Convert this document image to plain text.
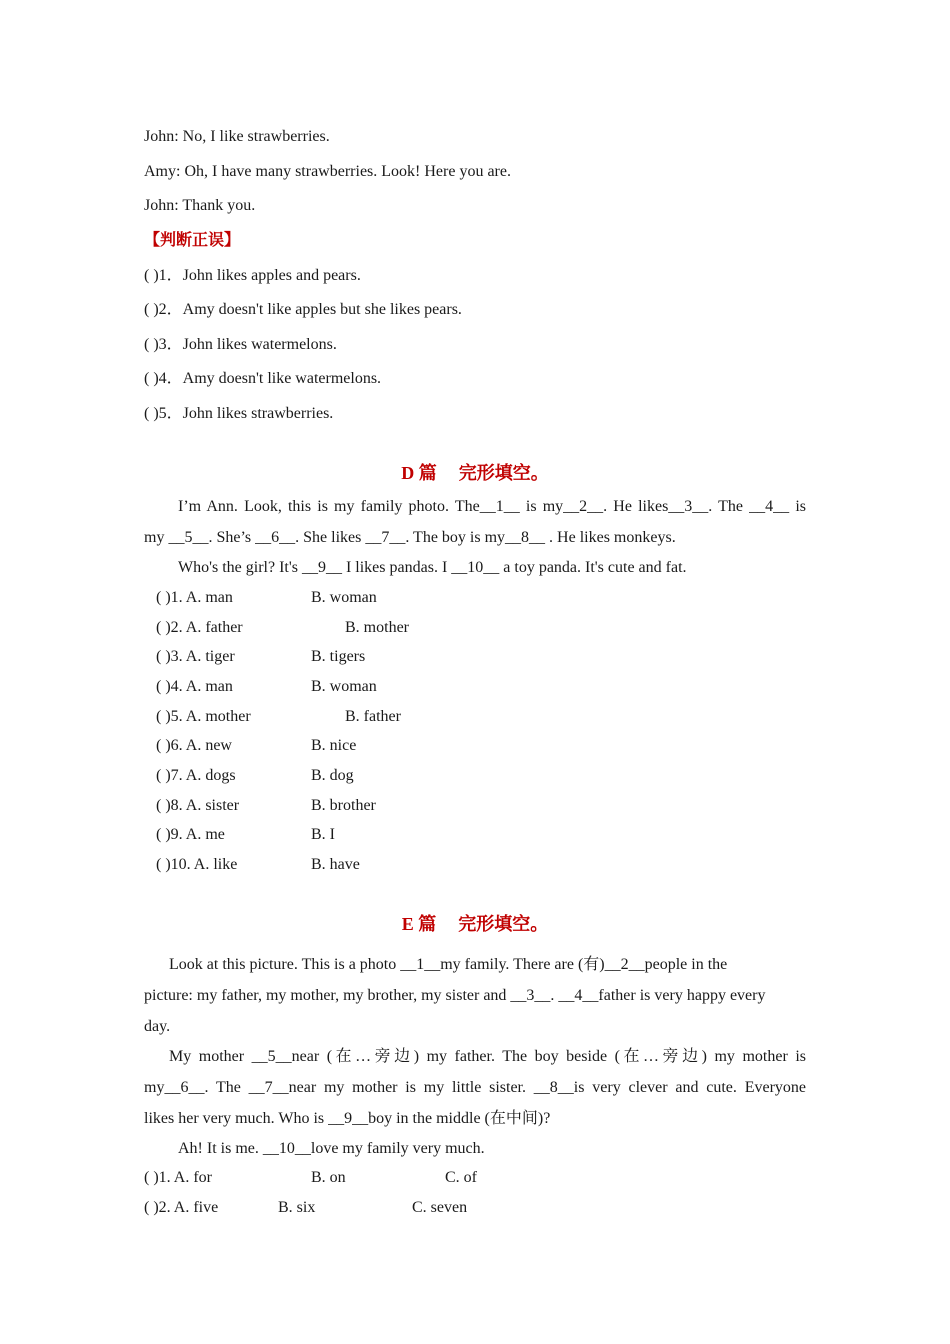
John: No, I like strawberries.
Amy: Oh, I have many strawberries. Look! Here you are.
John: Thank you.
【判断正误】
( )1．John likes apples and pears.
( )2．Amy doesn't like apples but she likes pears.
( )3．John likes watermelons.
( )4．Amy doesn't like watermelons.
( )5．John likes strawberries.
D 篇 完形填空。
I’m Ann. Look, this is my family photo. The__1__ is my__2__. He likes__3__. The __4__ is
my __5__. She’s __6__. She likes __7__. The boy is my__8__ . He likes monkeys.
Who's the girl? It's __9__ I likes pandas. I __10__ a toy panda. It's cute and fat.
( )1. A. man	B. woman
( )2. A. father	B. mother
( )3. A. tiger	B. tigers
( )4. A. man	B. woman
( )5. A. mother	B. father
( )6. A. new	B. nice
( )7. A. dogs	B. dog
( )8. A. sister	B. brother
( )9. A. me	B. I
( )10. A. like	B. have
E 篇 完形填空。
Look at this picture. This is a photo __1__my family. There are (有)__2__people in the
picture: my father, my mother, my brother, my sister and __3__. __4__father is very happy every
day.
My mother __5__near (在…旁边) my father. The boy beside (在…旁边) my mother is
my__6__. The __7__near my mother is my little sister. __8__is very clever and cute. Everyone
likes her very much. Who is __9__boy in the middle (在中间)?
Ah! It is me. __10__love my family very much.
( )1. A. for	B. on	C. of
( )2. A. five	B. six	C. seven
